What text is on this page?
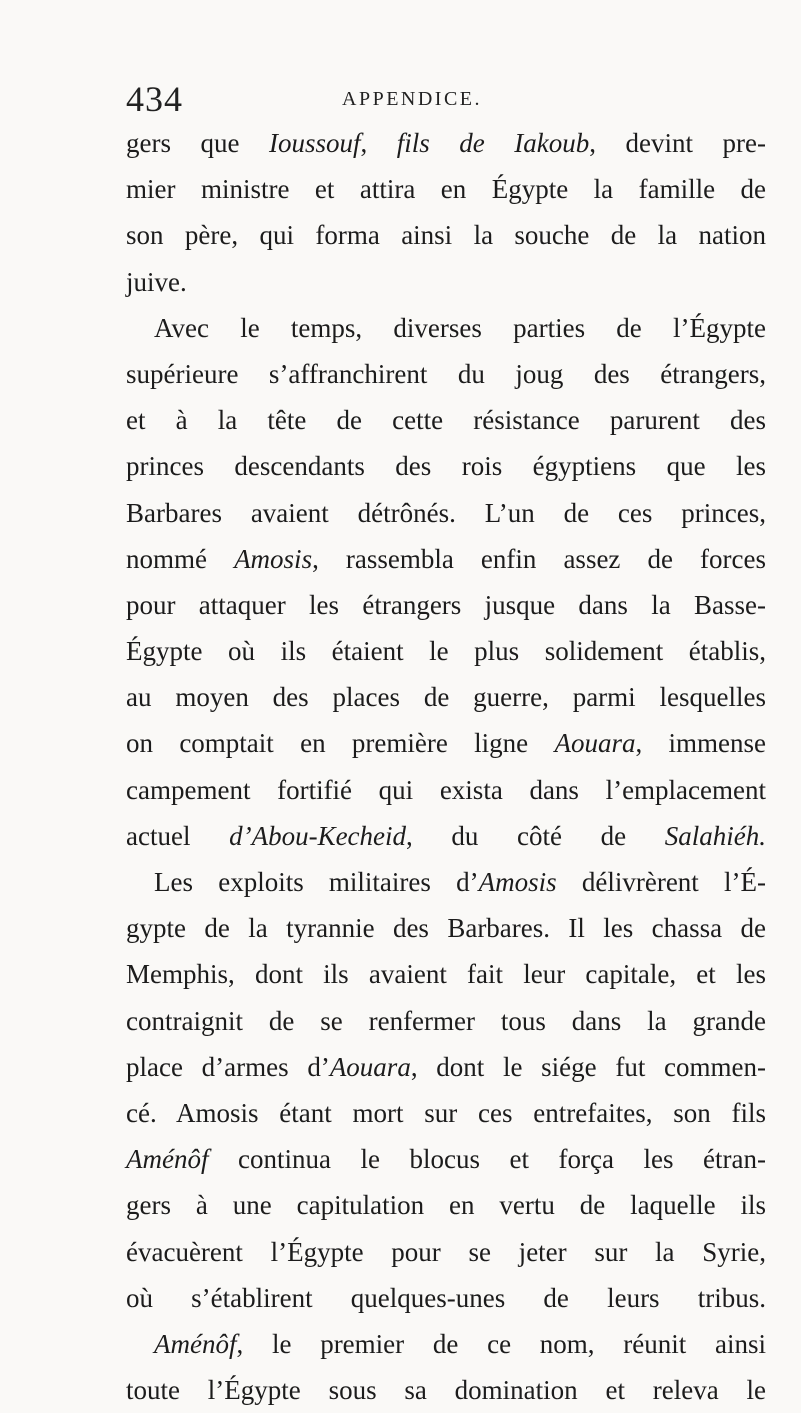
434	APPENDICE.
gers que Ioussouf, fils de Iakoub, devint pre-
mier ministre et attira en Égypte la famille de
son père, qui forma ainsi la souche de la nation
juive.
Avec le temps, diverses parties de l’Égypte
supérieure s’affranchirent du joug des étrangers,
et à la tête de cette résistance parurent des
princes descendants des rois égyptiens que les
Barbares avaient détrônés. L’un de ces princes,
nommé Amosis, rassembla enfin assez de forces
pour attaquer les étrangers jusque dans la Basse-
Égypte où ils étaient le plus solidement établis,
au moyen des places de guerre, parmi lesquelles
on comptait en première ligne Aouara, immense
campement fortifié qui exista dans l’emplacement
actuel d’Abou-Kecheid, du côté de Salahiéh.
Les exploits militaires d’Amosis délivrèrent l’É-
gypte de la tyrannie des Barbares. Il les chassa de
Memphis, dont ils avaient fait leur capitale, et les
contraignit de se renfermer tous dans la grande
place d’armes d’Aouara, dont le siége fut commen-
cé. Amosis étant mort sur ces entrefaites, son fils
Aménôf continua le blocus et força les étran-
gers à une capitulation en vertu de laquelle ils
évacuèrent l’Égypte pour se jeter sur la Syrie,
où s’établirent quelques-unes de leurs tribus.
Aménôf, le premier de ce nom, réunit ainsi
toute l’Égypte sous sa domination et releva le
